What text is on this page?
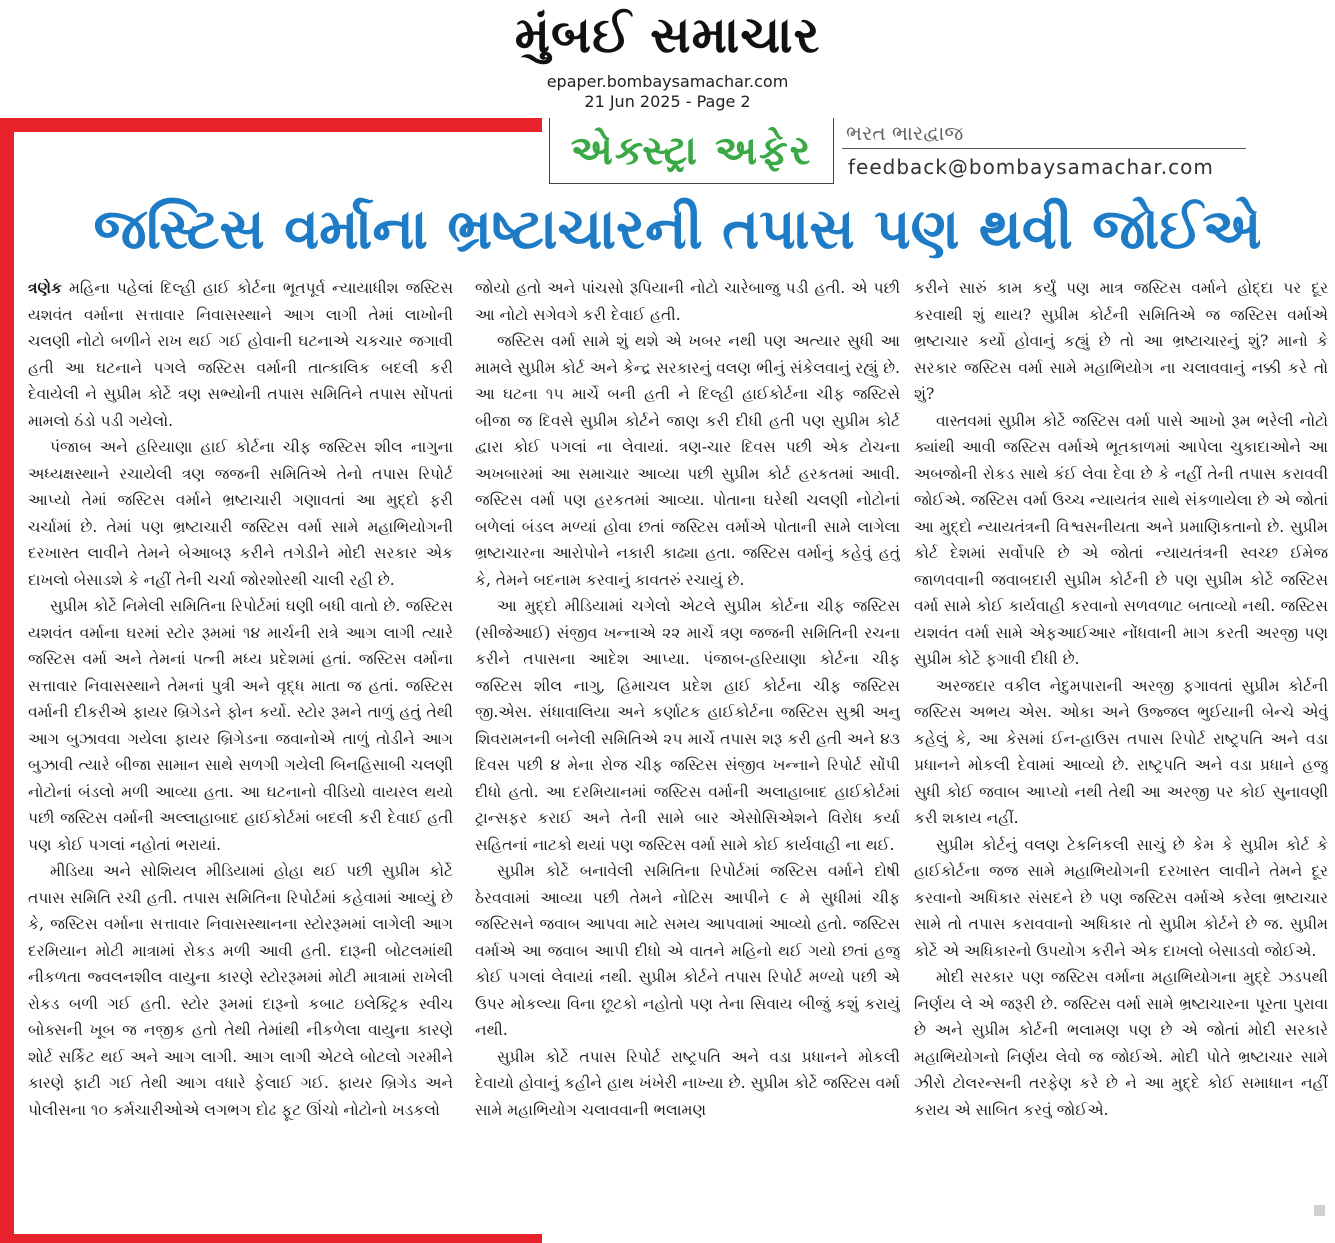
મુંબઈ સમાચાર
epaper.bombaysamachar.com
21 Jun 2025 - Page 2
એક્સ્ટ્રા અફેર ભરત ભારદ્વાજ
feedback@bombaysamachar.com
જસ્ટિસ વર્માના ભ્રષ્ટાચારની તપાસ પણ થવી જોઈએ

ત્રણેક મહિના પહેલાં દિલ્હી હાઈ કોર્ટના ભૂતપૂર્વ ન્યાયાધીશ જસ્ટિસ યશવંત વર્માના સત્તાવાર નિવાસસ્થાને આગ લાગી તેમાં લાખોની ચલણી નોટો બળીને રાખ થઈ ગઈ હોવાની ઘટનાએ ચકચાર જગાવી હતી આ ઘટનાને પગલે જસ્ટિસ વર્માની તાત્કાલિક બદલી કરી દેવાયેલી ને સુપ્રીમ કોર્ટે ત્રણ સભ્યોની તપાસ સમિતિને તપાસ સોંપતાં મામલો ઠંડો પડી ગયેલો.

પંજાબ અને હરિયાણા હાઈ કોર્ટના ચીફ જસ્ટિસ શીલ નાગુના અધ્યક્ષસ્થાને રચાયેલી ત્રણ જજની સમિતિએ તેનો તપાસ રિપોર્ટ આપ્યો તેમાં જસ્ટિસ વર્માને ભ્રષ્ટાચારી ગણાવતાં આ મુદ્દો ફરી ચર્ચામાં છે. તેમાં પણ ભ્રષ્ટાચારી જસ્ટિસ વર્મા સામે મહાભિયોગની દરખાસ્ત લાવીને તેમને બેઆબરૂ કરીને તગેડીને મોદી સરકાર એક દાખલો બેસાડશે કે નહીં તેની ચર્ચા જોરશોરથી ચાલી રહી છે.

સુપ્રીમ કોર્ટે નિમેલી સમિતિના રિપોર્ટમાં ઘણી બધી વાતો છે. જસ્ટિસ યશવંત વર્માના ઘરમાં સ્ટોર રૂમમાં ૧૪ માર્ચની રાત્રે આગ લાગી ત્યારે જસ્ટિસ વર્મા અને તેમનાં પત્ની મધ્ય પ્રદેશમાં હતાં. જસ્ટિસ વર્માના સત્તાવાર નિવાસસ્થાને તેમનાં પુત્રી અને વૃદ્ધ માતા જ હતાં. જસ્ટિસ વર્માની દીકરીએ ફાયર બ્રિગેડને ફોન કર્યો. સ્ટોર રૂમને તાળું હતું તેથી આગ બુઝાવવા ગયેલા ફાયર બ્રિગેડના જવાનોએ તાળું તોડીને આગ બુઝાવી ત્યારે બીજા સામાન સાથે સળગી ગયેલી બિનહિસાબી ચલણી નોટોનાં બંડલો મળી આવ્યા હતા. આ ઘટનાનો વીડિયો વાયરલ થયો પછી જસ્ટિસ વર્માની અલ્લાહાબાદ હાઈકોર્ટમાં બદલી કરી દેવાઈ હતી પણ કોઈ પગલાં નહોતાં ભરાયાં.

મીડિયા અને સોશિયલ મીડિયામાં હોહા થઈ પછી સુપ્રીમ કોર્ટે તપાસ સમિતિ રચી હતી. તપાસ સમિતિના રિપોર્ટમાં કહેવામાં આવ્યું છે કે, જસ્ટિસ વર્માના સત્તાવાર નિવાસસ્થાનના સ્ટોરરૂમમાં લાગેલી આગ દરમિયાન મોટી માત્રામાં રોકડ મળી આવી હતી. દારૂની બોટલમાંથી નીકળતા જ્વલનશીલ વાયુના કારણે સ્ટોરરૂમમાં મોટી માત્રામાં રાખેલી રોકડ બળી ગઈ હતી. સ્ટોર રૂમમાં દારૂનો કબાટ ઇલેક્ટ્રિક સ્વીચ બોક્સની ખૂબ જ નજીક હતો તેથી તેમાંથી નીકળેલા વાયુના કારણે શોર્ટ સર્કિટ થઈ અને આગ લાગી. આગ લાગી એટલે બોટલો ગરમીને કારણે ફાટી ગઈ તેથી આગ વધારે ફેલાઈ ગઈ. ફાયર બ્રિગેડ અને પોલીસના ૧૦ કર્મચારીઓએ લગભગ દોઢ ફૂટ ઊંચો નોટોનો ખડકલો

જોયો હતો અને પાંચસો રૂપિયાની નોટો ચારેબાજુ પડી હતી. એ પછી આ નોટો સગેવગે કરી દેવાઈ હતી.

જસ્ટિસ વર્મા સામે શું થશે એ ખબર નથી પણ અત્યાર સુધી આ મામલે સુપ્રીમ કોર્ટ અને કેન્દ્ર સરકારનું વલણ ભીનું સંકેલવાનું રહ્યું છે. આ ઘટના ૧૫ માર્ચે બની હતી ને દિલ્હી હાઈકોર્ટના ચીફ જસ્ટિસે બીજા જ દિવસે સુપ્રીમ કોર્ટને જાણ કરી દીધી હતી પણ સુપ્રીમ કોર્ટ દ્વારા કોઈ પગલાં ના લેવાયાં. ત્રણ-ચાર દિવસ પછી એક ટોચના અખબારમાં આ સમાચાર આવ્યા પછી સુપ્રીમ કોર્ટ હરકતમાં આવી. જસ્ટિસ વર્મા પણ હરકતમાં આવ્યા. પોતાના ઘરેથી ચલણી નોટોનાં બળેલાં બંડલ મળ્યાં હોવા છતાં જસ્ટિસ વર્માએ પોતાની સામે લાગેલા ભ્રષ્ટાચારના આરોપોને નકારી કાઢ્યા હતા. જસ્ટિસ વર્માનું કહેવું હતું કે, તેમને બદનામ કરવાનું કાવતરું રચાયું છે.

આ મુદ્દો મીડિયામાં ચગેલો એટલે સુપ્રીમ કોર્ટના ચીફ જસ્ટિસ (સીજેઆઈ) સંજીવ ખન્નાએ ૨૨ માર્ચે ત્રણ જજની સમિતિની રચના કરીને તપાસના આદેશ આપ્યા. પંજાબ-હરિયાણા કોર્ટના ચીફ જસ્ટિસ શીલ નાગુ, હિમાચલ પ્રદેશ હાઈ કોર્ટના ચીફ જસ્ટિસ જી.એસ. સંધાવાલિયા અને કર્ણાટક હાઈકોર્ટના જસ્ટિસ સુશ્રી અનુ શિવરામનની બનેલી સમિતિએ ૨૫ માર્ચે તપાસ શરૂ કરી હતી અને ૪૩ દિવસ પછી ૪ મેના રોજ ચીફ જસ્ટિસ સંજીવ ખન્નાને રિપોર્ટ સોંપી દીધો હતો. આ દરમિયાનમાં જસ્ટિસ વર્માની અલાહાબાદ હાઈકોર્ટમાં ટ્રાન્સફર કરાઈ અને તેની સામે બાર એસોસિએશને વિરોધ કર્યા સહિતનાં નાટકો થયાં પણ જસ્ટિસ વર્મા સામે કોઈ કાર્યવાહી ના થઈ.

સુપ્રીમ કોર્ટે બનાવેલી સમિતિના રિપોર્ટમાં જસ્ટિસ વર્માને દોષી ઠેરવવામાં આવ્યા પછી તેમને નોટિસ આપીને ૯ મે સુધીમાં ચીફ જસ્ટિસને જવાબ આપવા માટે સમય આપવામાં આવ્યો હતો. જસ્ટિસ વર્માએ આ જવાબ આપી દીધો એ વાતને મહિનો થઈ ગયો છતાં હજુ કોઈ પગલાં લેવાયાં નથી. સુપ્રીમ કોર્ટને તપાસ રિપોર્ટ મળ્યો પછી એ ઉપર મોકલ્યા વિના છૂટકો નહોતો પણ તેના સિવાય બીજું કશું કરાયું નથી.

સુપ્રીમ કોર્ટે તપાસ રિપોર્ટ રાષ્ટ્રપતિ અને વડા પ્રધાનને મોકલી દેવાયો હોવાનું કહીને હાથ ખંખેરી નાખ્યા છે. સુપ્રીમ કોર્ટે જસ્ટિસ વર્મા સામે મહાભિયોગ ચલાવવાની ભલામણ

કરીને સારું કામ કર્યું પણ માત્ર જસ્ટિસ વર્માને હોદ્દા પર દૂર કરવાથી શું થાય? સુપ્રીમ કોર્ટની સમિતિએ જ જસ્ટિસ વર્માએ ભ્રષ્ટાચાર કર્યો હોવાનું કહ્યું છે તો આ ભ્રષ્ટાચારનું શું? માનો કે સરકાર જસ્ટિસ વર્મા સામે મહાભિયોગ ના ચલાવવાનું નક્કી કરે તો શું?

વાસ્તવમાં સુપ્રીમ કોર્ટે જસ્ટિસ વર્મા પાસે આખો રૂમ ભરેલી નોટો ક્યાંથી આવી જસ્ટિસ વર્માએ ભૂતકાળમાં આપેલા ચુકાદાઓને આ અબજોની રોકડ સાથે કંઈ લેવા દેવા છે કે નહીં તેની તપાસ કરાવવી જોઈએ. જસ્ટિસ વર્મા ઉચ્ચ ન્યાયતંત્ર સાથે સંકળાયેલા છે એ જોતાં આ મુદ્દો ન્યાયતંત્રની વિશ્વસનીયતા અને પ્રમાણિકતાનો છે. સુપ્રીમ કોર્ટ દેશમાં સર્વોપરિ છે એ જોતાં ન્યાયતંત્રની સ્વચ્છ ઈમેજ જાળવવાની જવાબદારી સુપ્રીમ કોર્ટની છે પણ સુપ્રીમ કોર્ટે જસ્ટિસ વર્મા સામે કોઈ કાર્યવાહી કરવાનો સળવળાટ બતાવ્યો નથી. જસ્ટિસ યશવંત વર્મા સામે એફઆઈઆર નોંધવાની માગ કરતી અરજી પણ સુપ્રીમ કોર્ટે ફગાવી દીધી છે.

અરજદાર વકીલ નેદુમપારાની અરજી ફગાવતાં સુપ્રીમ કોર્ટની જસ્ટિસ અભય એસ. ઓકા અને ઉજ્જલ ભુઈયાની બેન્ચે એવું કહેલું કે, આ કેસમાં ઈન-હાઉસ તપાસ રિપોર્ટ રાષ્ટ્રપતિ અને વડા પ્રધાનને મોકલી દેવામાં આવ્યો છે. રાષ્ટ્રપતિ અને વડા પ્રધાને હજુ સુધી કોઈ જવાબ આપ્યો નથી તેથી આ અરજી પર કોઈ સુનાવણી કરી શકાય નહીં.

સુપ્રીમ કોર્ટનું વલણ ટેકનિકલી સાચું છે કેમ કે સુપ્રીમ કોર્ટ કે હાઈકોર્ટના જજ સામે મહાભિયોગની દરખાસ્ત લાવીને તેમને દૂર કરવાનો અધિકાર સંસદને છે પણ જસ્ટિસ વર્માએ કરેલા ભ્રષ્ટાચાર સામે તો તપાસ કરાવવાનો અધિકાર તો સુપ્રીમ કોર્ટને છે જ. સુપ્રીમ કોર્ટે એ અધિકારનો ઉપયોગ કરીને એક દાખલો બેસાડવો જોઈએ.

મોદી સરકાર પણ જસ્ટિસ વર્માના મહાભિયોગના મુદ્દે ઝડપથી નિર્ણય લે એ જરૂરી છે. જસ્ટિસ વર્મા સામે ભ્રષ્ટાચારના પૂરતા પુરાવા છે અને સુપ્રીમ કોર્ટની ભલામણ પણ છે એ જોતાં મોદી સરકારે મહાભિયોગનો નિર્ણય લેવો જ જોઈએ. મોદી પોતે ભ્રષ્ટાચાર સામે ઝીરો ટોલરન્સની તરફેણ કરે છે ને આ મુદ્દે કોઈ સમાધાન નહીં કરાય એ સાબિત કરવું જોઈએ.
